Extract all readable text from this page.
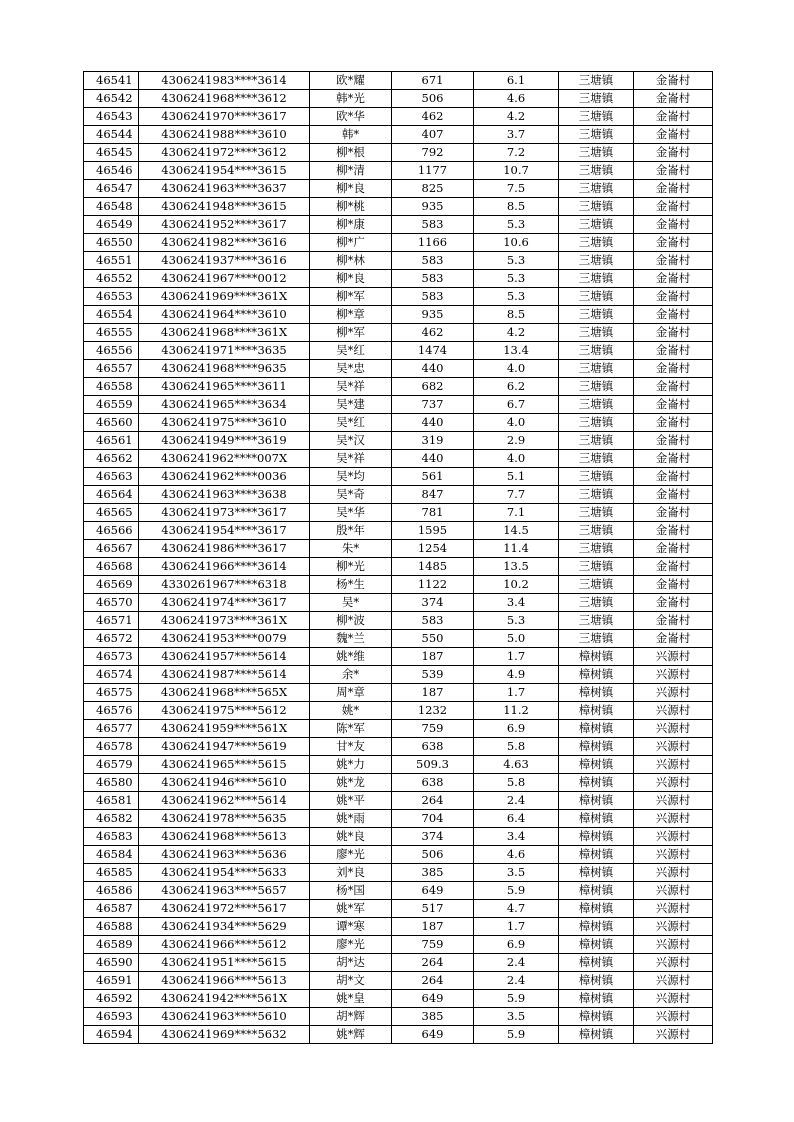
46541	4306241983****3614	欧*耀	671	6.1	三塘镇	金崙村
46542	4306241968****3612	韩*光	506	4.6	三塘镇	金崙村
46543	4306241970****3617	欧*华	462	4.2	三塘镇	金崙村
46544	4306241988****3610	韩*	407	3.7	三塘镇	金崙村
46545	4306241972****3612	柳*根	792	7.2	三塘镇	金崙村
46546	4306241954****3615	柳*清	1177	10.7	三塘镇	金崙村
46547	4306241963****3637	柳*良	825	7.5	三塘镇	金崙村
46548	4306241948****3615	柳*桃	935	8.5	三塘镇	金崙村
46549	4306241952****3617	柳*康	583	5.3	三塘镇	金崙村
46550	4306241982****3616	柳*广	1166	10.6	三塘镇	金崙村
46551	4306241937****3616	柳*林	583	5.3	三塘镇	金崙村
46552	4306241967****0012	柳*良	583	5.3	三塘镇	金崙村
46553	4306241969****361X	柳*军	583	5.3	三塘镇	金崙村
46554	4306241964****3610	柳*章	935	8.5	三塘镇	金崙村
46555	4306241968****361X	柳*军	462	4.2	三塘镇	金崙村
46556	4306241971****3635	吴*红	1474	13.4	三塘镇	金崙村
46557	4306241968****9635	吴*忠	440	4.0	三塘镇	金崙村
46558	4306241965****3611	吴*祥	682	6.2	三塘镇	金崙村
46559	4306241965****3634	吴*建	737	6.7	三塘镇	金崙村
46560	4306241975****3610	吴*红	440	4.0	三塘镇	金崙村
46561	4306241949****3619	吴*汉	319	2.9	三塘镇	金崙村
46562	4306241962****007X	吴*祥	440	4.0	三塘镇	金崙村
46563	4306241962****0036	吴*均	561	5.1	三塘镇	金崙村
46564	4306241963****3638	吴*奇	847	7.7	三塘镇	金崙村
46565	4306241973****3617	吴*华	781	7.1	三塘镇	金崙村
46566	4306241954****3617	殷*年	1595	14.5	三塘镇	金崙村
46567	4306241986****3617	朱*	1254	11.4	三塘镇	金崙村
46568	4306241966****3614	柳*光	1485	13.5	三塘镇	金崙村
46569	4330261967****6318	杨*生	1122	10.2	三塘镇	金崙村
46570	4306241974****3617	吴*	374	3.4	三塘镇	金崙村
46571	4306241973****361X	柳*波	583	5.3	三塘镇	金崙村
46572	4306241953****0079	魏*兰	550	5.0	三塘镇	金崙村
46573	4306241957****5614	姚*维	187	1.7	樟树镇	兴源村
46574	4306241987****5614	余*	539	4.9	樟树镇	兴源村
46575	4306241968****565X	周*章	187	1.7	樟树镇	兴源村
46576	4306241975****5612	姚*	1232	11.2	樟树镇	兴源村
46577	4306241959****561X	陈*军	759	6.9	樟树镇	兴源村
46578	4306241947****5619	甘*友	638	5.8	樟树镇	兴源村
46579	4306241965****5615	姚*力	509.3	4.63	樟树镇	兴源村
46580	4306241946****5610	姚*龙	638	5.8	樟树镇	兴源村
46581	4306241962****5614	姚*平	264	2.4	樟树镇	兴源村
46582	4306241978****5635	姚*雨	704	6.4	樟树镇	兴源村
46583	4306241968****5613	姚*良	374	3.4	樟树镇	兴源村
46584	4306241963****5636	廖*光	506	4.6	樟树镇	兴源村
46585	4306241954****5633	刘*良	385	3.5	樟树镇	兴源村
46586	4306241963****5657	杨*国	649	5.9	樟树镇	兴源村
46587	4306241972****5617	姚*军	517	4.7	樟树镇	兴源村
46588	4306241934****5629	谭*寒	187	1.7	樟树镇	兴源村
46589	4306241966****5612	廖*光	759	6.9	樟树镇	兴源村
46590	4306241951****5615	胡*达	264	2.4	樟树镇	兴源村
46591	4306241966****5613	胡*文	264	2.4	樟树镇	兴源村
46592	4306241942****561X	姚*皇	649	5.9	樟树镇	兴源村
46593	4306241963****5610	胡*辉	385	3.5	樟树镇	兴源村
46594	4306241969****5632	姚*辉	649	5.9	樟树镇	兴源村
